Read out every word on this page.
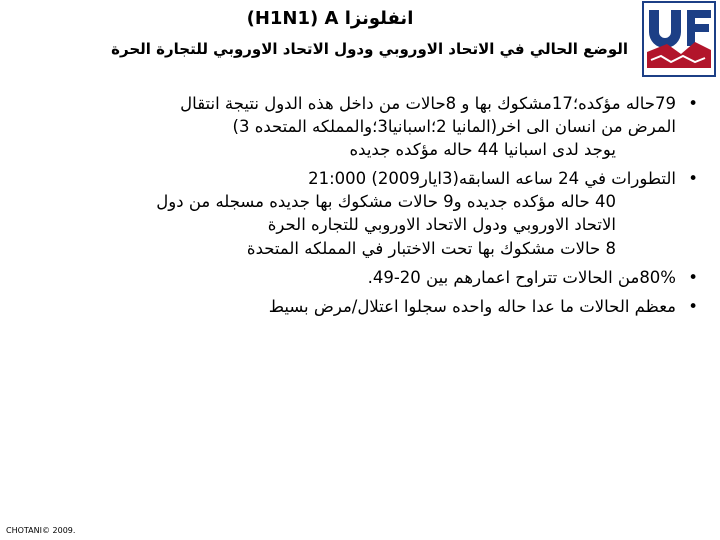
انفلونزا H1N1) A)
الوضع الحالي في الاتحاد الاوروبي ودول الاتحاد الاوروبي للتجارة الحرة
•

79حاله مؤكده؛17مشكوك بها و 8حالات من داخل هذه الدول نتيجة انتقال

المرض من انسان الى اخر(المانيا 2؛اسبانيا3؛والمملكه المتحده 3)

يوجد لدى اسبانيا 44 حاله مؤكده جديده

•

التطورات في 24 ساعه السابقه(3ايار2009) 21:000

40 حاله مؤكده جديده و9 حالات مشكوك بها جديده مسجله من دول

الاتحاد الاوروبي ودول الاتحاد الاوروبي للتجاره الحرة

8 حالات مشكوك بها تحت الاختبار في المملكه المتحدة

•

80%من الحالات تتراوح اعمارهم بين 20-49.

•

معظم الحالات ما عدا حاله واحده سجلوا اعتلال/مرض بسيط

CHOTANI© 2009.
